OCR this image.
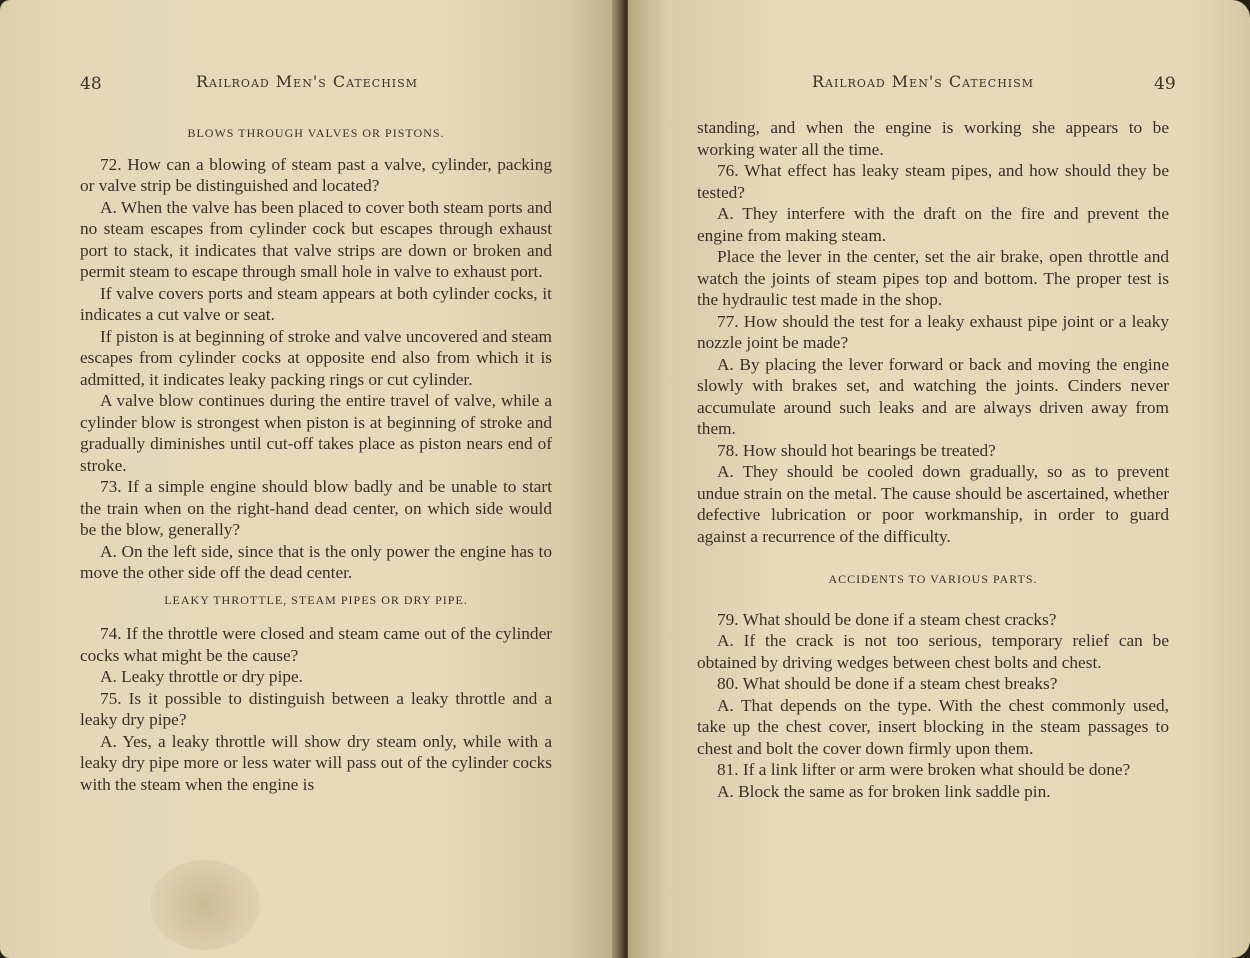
48	Railroad Men's Catechism
BLOWS THROUGH VALVES OR PISTONS.

72. How can a blowing of steam past a valve, cylinder, packing or valve strip be distinguished and located?

A. When the valve has been placed to cover both steam ports and no steam escapes from cylinder cock but escapes through exhaust port to stack, it indicates that valve strips are down or broken and permit steam to escape through small hole in valve to exhaust port.

If valve covers ports and steam appears at both cylinder cocks, it indicates a cut valve or seat.

If piston is at beginning of stroke and valve uncovered and steam escapes from cylinder cocks at opposite end also from which it is admitted, it indicates leaky packing rings or cut cylinder.

A valve blow continues during the entire travel of valve, while a cylinder blow is strongest when piston is at beginning of stroke and gradually diminishes until cut-off takes place as piston nears end of stroke.

73. If a simple engine should blow badly and be unable to start the train when on the right-hand dead center, on which side would be the blow, generally?

A. On the left side, since that is the only power the engine has to move the other side off the dead center.

LEAKY THROTTLE, STEAM PIPES OR DRY PIPE.

74. If the throttle were closed and steam came out of the cylinder cocks what might be the cause?

A. Leaky throttle or dry pipe.

75. Is it possible to distinguish between a leaky throttle and a leaky dry pipe?

A. Yes, a leaky throttle will show dry steam only, while with a leaky dry pipe more or less water will pass out of the cylinder cocks with the steam when the engine is

Railroad Men's Catechism	49

standing, and when the engine is working she appears to be working water all the time.

76. What effect has leaky steam pipes, and how should they be tested?

A. They interfere with the draft on the fire and prevent the engine from making steam.

Place the lever in the center, set the air brake, open throttle and watch the joints of steam pipes top and bottom. The proper test is the hydraulic test made in the shop.

77. How should the test for a leaky exhaust pipe joint or a leaky nozzle joint be made?

A. By placing the lever forward or back and moving the engine slowly with brakes set, and watching the joints. Cinders never accumulate around such leaks and are always driven away from them.

78. How should hot bearings be treated?

A. They should be cooled down gradually, so as to prevent undue strain on the metal. The cause should be ascertained, whether defective lubrication or poor workmanship, in order to guard against a recurrence of the difficulty.

ACCIDENTS TO VARIOUS PARTS.

79. What should be done if a steam chest cracks?

A. If the crack is not too serious, temporary relief can be obtained by driving wedges between chest bolts and chest.

80. What should be done if a steam chest breaks?

A. That depends on the type. With the chest commonly used, take up the chest cover, insert blocking in the steam passages to chest and bolt the cover down firmly upon them.

81. If a link lifter or arm were broken what should be done?

A. Block the same as for broken link saddle pin.
